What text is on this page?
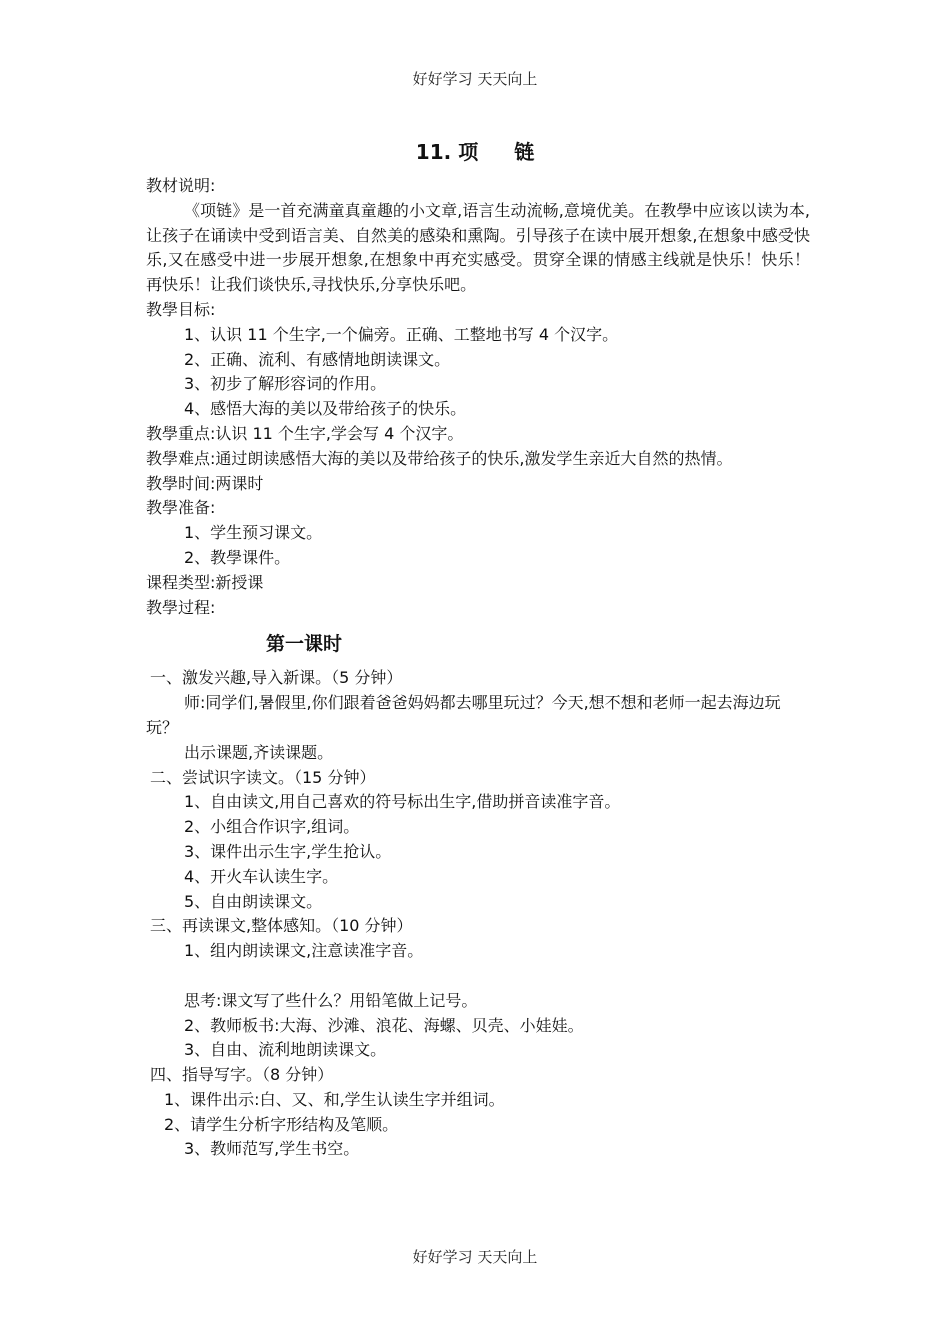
好好学习 天天向上
11. 项 链
教材说明:
《项链》是一首充满童真童趣的小文章,语言生动流畅,意境优美。在教學中应该以读为本,让孩子在诵读中受到语言美、自然美的感染和熏陶。引导孩子在读中展开想象,在想象中感受快乐,又在感受中进一步展开想象,在想象中再充实感受。贯穿全课的情感主线就是快乐！快乐！再快乐！让我们谈快乐,寻找快乐,分享快乐吧。
教學目标:
1、认识 11 个生字,一个偏旁。正确、工整地书写 4 个汉字。
2、正确、流利、有感情地朗读课文。
3、初步了解形容词的作用。
4、感悟大海的美以及带给孩子的快乐。
教學重点:认识 11 个生字,学会写 4 个汉字。
教學难点:通过朗读感悟大海的美以及带给孩子的快乐,激发学生亲近大自然的热情。
教學时间:两课时
教學准备:
1、学生预习课文。
2、教學课件。
课程类型:新授课
教學过程:
第一课时
一、激发兴趣,导入新课。（5 分钟）
师:同学们,暑假里,你们跟着爸爸妈妈都去哪里玩过？今天,想不想和老师一起去海边玩玩？
出示课题,齐读课题。
二、尝试识字读文。（15 分钟）
1、自由读文,用自己喜欢的符号标出生字,借助拼音读准字音。
2、小组合作识字,组词。
3、课件出示生字,学生抢认。
4、开火车认读生字。
5、自由朗读课文。
三、再读课文,整体感知。（10 分钟）
1、组内朗读课文,注意读准字音。
思考:课文写了些什么？用铅笔做上记号。
2、教师板书:大海、沙滩、浪花、海螺、贝壳、小娃娃。
3、自由、流利地朗读课文。
四、指导写字。（8 分钟）
1、课件出示:白、又、和,学生认读生字并组词。
2、请学生分析字形结构及笔顺。
3、教师范写,学生书空。
好好学习 天天向上
